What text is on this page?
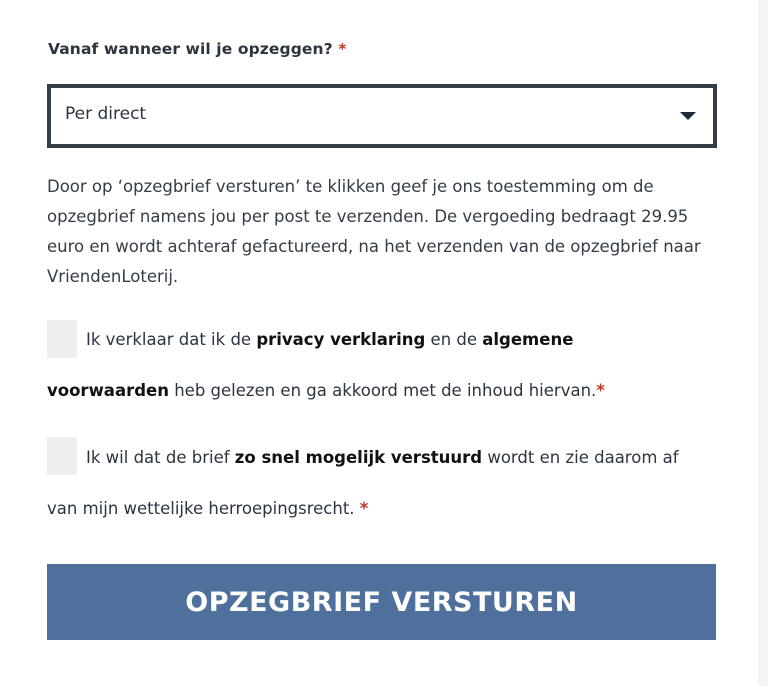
Vanaf wanneer wil je opzeggen? *
Per direct
Door op ‘opzegbrief versturen’ te klikken geef je ons toestemming om de opzegbrief namens jou per post te verzenden. De vergoeding bedraagt 29.95 euro en wordt achteraf gefactureerd, na het verzenden van de opzegbrief naar VriendenLoterij.
Ik verklaar dat ik de privacy verklaring en de algemene
voorwaarden heb gelezen en ga akkoord met de inhoud hiervan.*
Ik wil dat de brief zo snel mogelijk verstuurd wordt en zie daarom af
van mijn wettelijke herroepingsrecht. *
OPZEGBRIEF VERSTUREN
